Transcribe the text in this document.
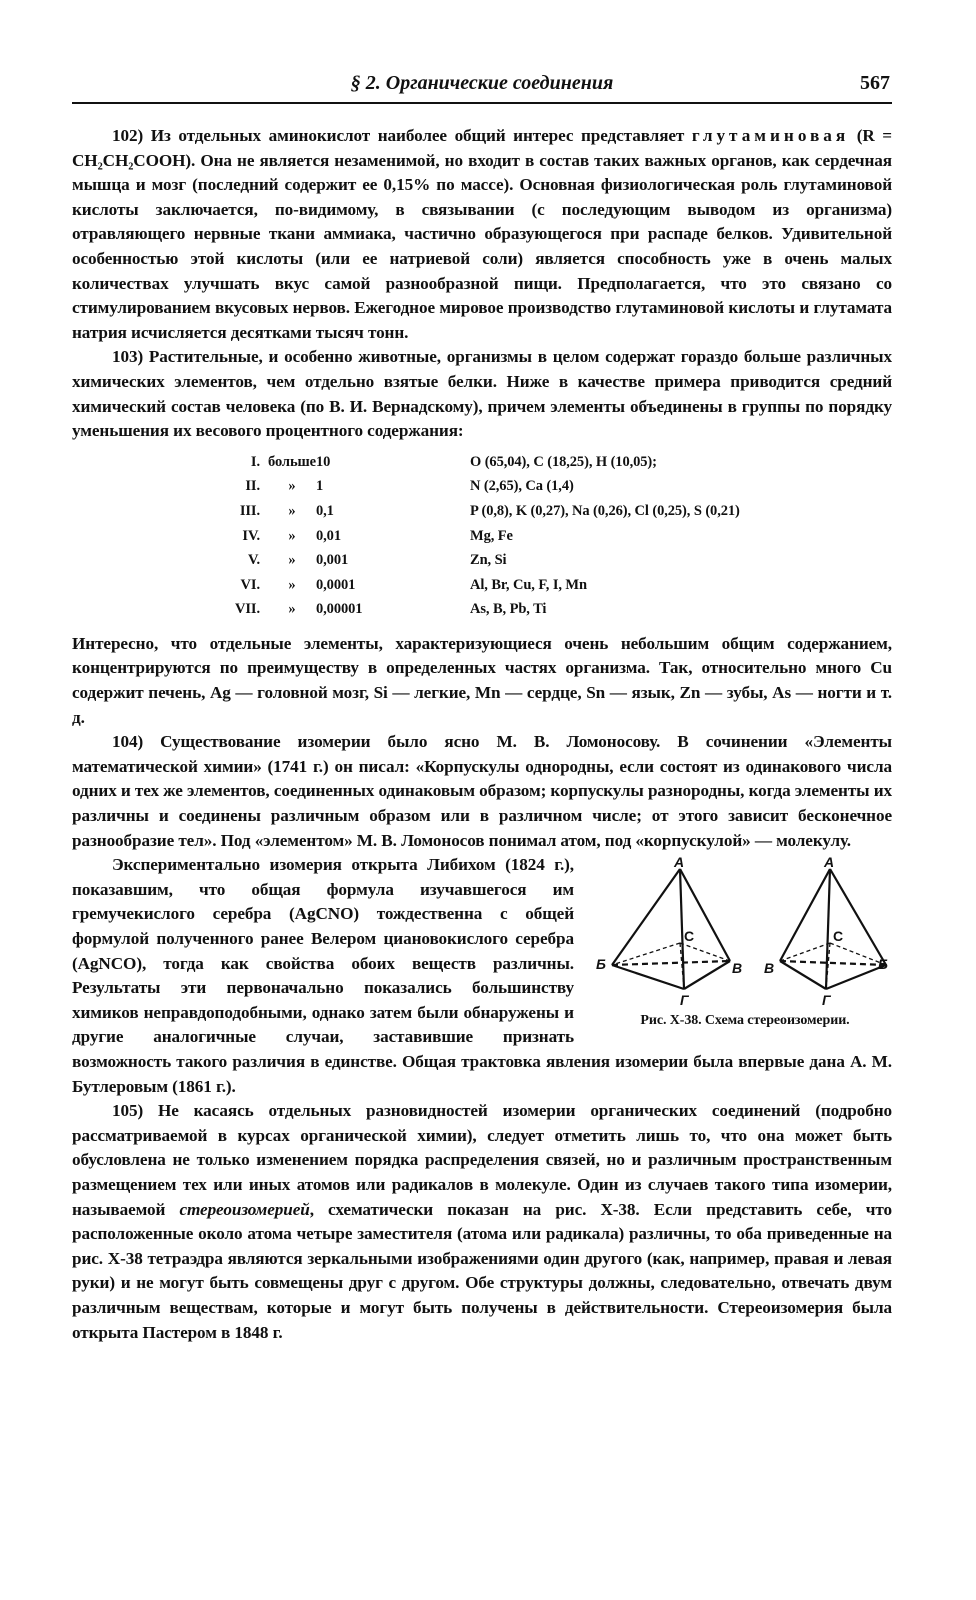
§ 2. Органические соединения	567

102) Из отдельных аминокислот наиболее общий интерес представляет глутаминовая (R = CH₂CH₂COOH). Она не является незаменимой, но входит в состав таких важных органов, как сердечная мышца и мозг (последний содержит ее 0,15% по массе). Основная физиологическая роль глутаминовой кислоты заключается, по-видимому, в связывании (с последующим выводом из организма) отравляющего нервные ткани аммиака, частично образующегося при распаде белков. Удивительной особенностью этой кислоты (или ее натриевой соли) является способность уже в очень малых количествах улучшать вкус самой разнообразной пищи. Предполагается, что это связано со стимулированием вкусовых нервов. Ежегодное мировое производство глутаминовой кислоты и глутамата натрия исчисляется десятками тысяч тонн.

103) Растительные, и особенно животные, организмы в целом содержат гораздо больше различных химических элементов, чем отдельно взятые белки. Ниже в качестве примера приводится средний химический состав человека (по В. И. Вернадскому), причем элементы объединены в группы по порядку уменьшения их весового процентного содержания:

I.	больше	10	O (65,04), C (18,25), H (10,05);
II.	»	1	N (2,65), Ca (1,4)
III.	»	0,1	P (0,8), K (0,27), Na (0,26), Cl (0,25), S (0,21)
IV.	»	0,01	Mg, Fe
V.	»	0,001	Zn, Si
VI.	»	0,0001	Al, Br, Cu, F, I, Mn
VII.	»	0,00001	As, B, Pb, Ti

Интересно, что отдельные элементы, характеризующиеся очень небольшим общим содержанием, концентрируются по преимуществу в определенных частях организма. Так, относительно много Cu содержит печень, Ag — головной мозг, Si — легкие, Mn — сердце, Sn — язык, Zn — зубы, As — ногти и т. д.

104) Существование изомерии было ясно М. В. Ломоносову. В сочинении «Элементы математической химии» (1741 г.) он писал: «Корпускулы однородны, если состоят из одинакового числа одних и тех же элементов, соединенных одинаковым образом; корпускулы разнородны, когда элементы их различны и соединены различным образом или в различном числе; от этого зависит бесконечное разнообразие тел». Под «элементом» М. В. Ломоносов понимал атом, под «корпускулой» — молекулу.

A
Б	В
Г
C
A
В	Б
Г
C
Рис. X-38. Схема стереоизомерии.
Экспериментально изомерия открыта Либихом (1824 г.), показавшим, что общая формула изучавшегося им гремучекислого серебра (AgCNO) тождественна с общей формулой полученного ранее Велером циановокислого серебра (AgNCO), тогда как свойства обоих веществ различны. Результаты эти первоначально показались большинству химиков неправдоподобными, однако затем были обнаружены и другие аналогичные случаи, заставившие признать возможность такого различия в единстве. Общая трактовка явления изомерии была впервые дана А. М. Бутлеровым (1861 г.).

105) Не касаясь отдельных разновидностей изомерии органических соединений (подробно рассматриваемой в курсах органической химии), следует отметить лишь то, что она может быть обусловлена не только изменением порядка распределения связей, но и различным пространственным размещением тех или иных атомов или радикалов в молекуле. Один из случаев такого типа изомерии, называемой стереоизомерией, схематически показан на рис. X-38. Если представить себе, что расположенные около атома четыре заместителя (атома или радикала) различны, то оба приведенные на рис. X-38 тетраэдра являются зеркальными изображениями один другого (как, например, правая и левая руки) и не могут быть совмещены друг с другом. Обе структуры должны, следовательно, отвечать двум различным веществам, которые и могут быть получены в действительности. Стереоизомерия была открыта Пастером в 1848 г.
